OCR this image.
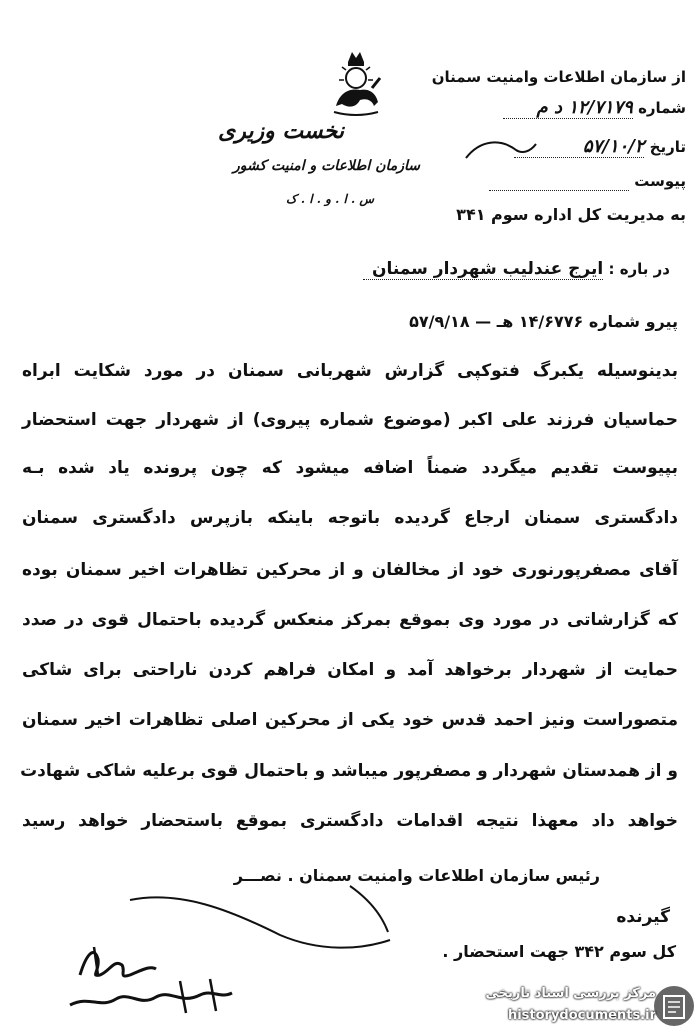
نخست وزیری
سازمان اطلاعات و امنیت کشور
س . ا . و . ا . ک
از سازمان اطلاعات وامنیت سمنان
شماره ۱۲/۷۱۷۹ د م
تاریخ ۵۷/۱۰/۲
پیوست
به مدیریت کل اداره سوم ۳۴۱
در باره : ایرج عندلیب شهردار سمنان
پیرو شماره ۱۴/۶۷۷۶ هـ — ۵۷/۹/۱۸
بدینوسیله یکبرگ فتوکپی گزارش شهربانی سمنان در مورد شکایت ابراه
حماسیان فرزند علی اکبر (موضوع شماره پیروی) از شهردار جهت استحضار
بپیوست تقدیم میگردد ضمناً اضافه میشود که چون پرونده یاد شده بـه
دادگستری سمنان ارجاع گردیده باتوجه باینکه بازپرس دادگستری سمنان
آقای مصفرپورنوری خود از مخالفان و از محرکین تظاهرات اخیر سمنان بوده
که گزارشاتی در مورد وی بموقع بمرکز منعکس گردیده باحتمال قوی در صدد
حمایت از شهردار برخواهد آمد و امکان فراهم کردن ناراحتی برای شاکی
متصوراست ونیز احمد قدس خود یکی از محرکین اصلی تظاهرات اخیر سمنان
و از همدستان شهردار و مصفرپور میباشد و باحتمال قوی برعلیه شاکی شهادت
خواهد داد معهذا نتیجه اقدامات دادگستری بموقع باستحضار خواهد رسید
رئیس سازمان اطلاعات وامنیت سمنان . نصـــر
گیرنده
کل سوم ۳۴۲ جهت استحضار .
مرکز بررسی اسناد تاریخی
historydocuments.ir
